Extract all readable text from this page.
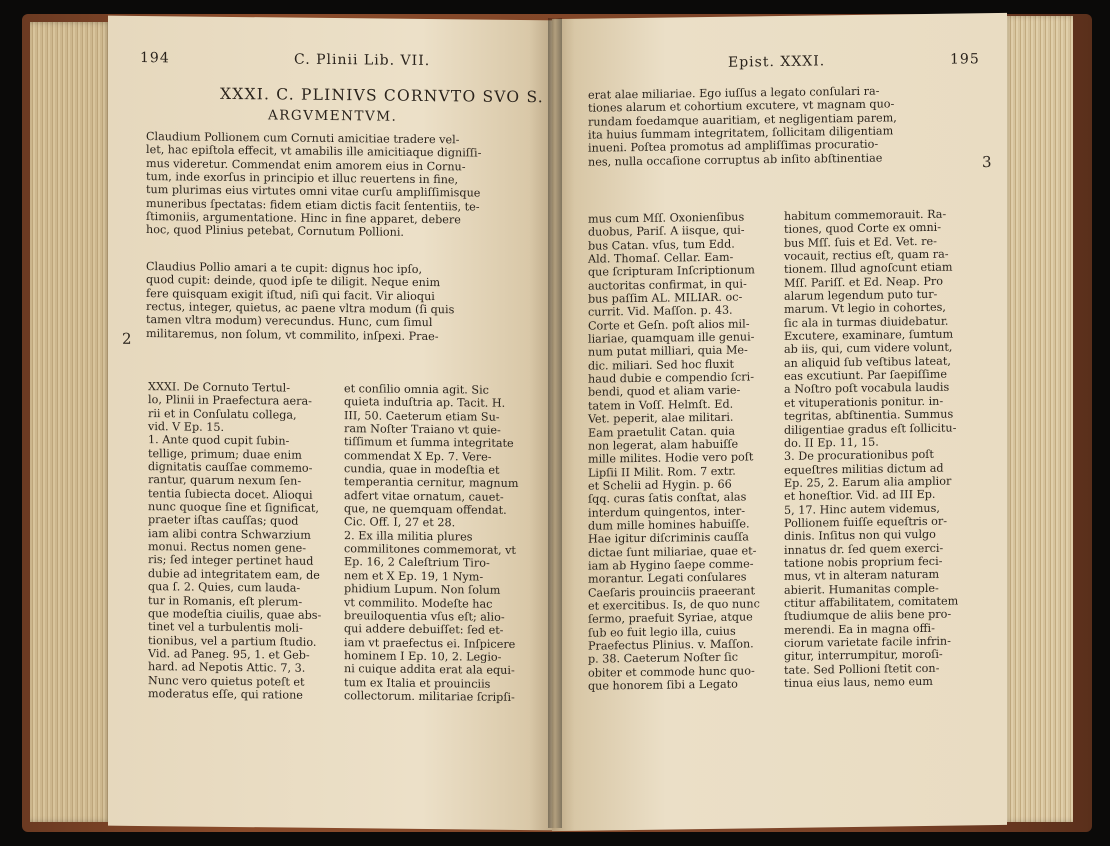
194	C. Plinii Lib. VII.
XXXI. C. PLINIVS CORNVTO SVO S.
ARGVMENTVM.
Claudium Pollionem cum Cornuti amicitiae tradere vel-
let, hac epiſtola effecit, vt amabilis ille amicitiaque digniſſi-
mus videretur. Commendat enim amorem eius in Cornu-
tum, inde exorſus in principio et illuc reuertens in fine,
tum plurimas eius virtutes omni vitae curſu ampliſſimisque
muneribus ſpectatas: fidem etiam dictis facit ſententiis, te-
ſtimoniis, argumentatione. Hinc in fine apparet, debere
hoc, quod Plinius petebat, Cornutum Pollioni.
Claudius Pollio amari a te cupit: dignus hoc ipſo,
quod cupit: deinde, quod ipſe te diligit. Neque enim
fere quisquam exigit iſtud, niſi qui facit. Vir alioqui
rectus, integer, quietus, ac paene vltra modum (ſi quis
tamen vltra modum) verecundus. Hunc, cum ſimul
militaremus, non ſolum, vt commilito, inſpexi. Prae-
2
XXXI. De Cornuto Tertul-
lo, Plinii in Praefectura aera-
rii et in Conſulatu collega,
vid. V Ep. 15.
1. Ante quod cupit ſubin-
tellige, primum; duae enim
dignitatis cauſſae commemo-
rantur, quarum nexum ſen-
tentia ſubiecta docet. Alioqui
nunc quoque ſine et ſignificat,
praeter iſtas cauſſas; quod
iam alibi contra Schwarzium
monui. Rectus nomen gene-
ris; ſed integer pertinet haud
dubie ad integritatem eam, de
qua ſ. 2. Quies, cum lauda-
tur in Romanis, eſt plerum-
que modeſtia ciuilis, quae abs-
tinet vel a turbulentis moli-
tionibus, vel a partium ſtudio.
Vid. ad Paneg. 95, 1. et Geb-
hard. ad Nepotis Attic. 7, 3.
Nunc vero quietus poteſt et
moderatus eſſe, qui ratione
et conſilio omnia agit. Sic
quieta induſtria ap. Tacit. H.
III, 50. Caeterum etiam Su-
ram Noſter Traiano vt quie-
tiſſimum et ſumma integritate
commendat X Ep. 7. Vere-
cundia, quae in modeſtia et
temperantia cernitur, magnum
adfert vitae ornatum, cauet-
que, ne quemquam offendat.
Cic. Off. I, 27 et 28.
2. Ex illa militia plures
commilitones commemorat, vt
Ep. 16, 2 Caleſtrium Tiro-
nem et X Ep. 19, 1 Nym-
phidium Lupum. Non ſolum
vt commilito. Modeſte hac
breuiloquentia vſus eſt; alio-
qui addere debuiſſet: ſed et-
iam vt praefectus ei. Inſpicere
hominem I Ep. 10, 2. Legio-
ni cuique addita erat ala equi-
tum ex Italia et prouinciis
collectorum. militariae ſcripſi-
Epist. XXXI.	195
erat alae miliariae. Ego iuſſus a legato conſulari ra-
tiones alarum et cohortium excutere, vt magnam quo-
rundam foedamque auaritiam, et negligentiam parem,
ita huius ſummam integritatem, ſollicitam diligentiam
inueni. Poſtea promotus ad ampliſſimas procuratio-
nes, nulla occaſione corruptus ab inſito abſtinentiae	3
mus cum Mſſ. Oxonienſibus
duobus, Pariſ. A iisque, qui-
bus Catan. vſus, tum Edd.
Ald. Thomaſ. Cellar. Eam-
que ſcripturam Inſcriptionum
auctoritas confirmat, in qui-
bus paſſim AL. MILIAR. oc-
currit. Vid. Maſſon. p. 43.
Corte et Geſn. poſt alios mil-
liariae, quamquam ille genui-
num putat milliari, quia Me-
dic. miliari. Sed hoc fluxit
haud dubie e compendio ſcri-
bendi, quod et aliam varie-
tatem in Voſſ. Helmſt. Ed.
Vet. peperit, alae militari.
Eam praetulit Catan. quia
non legerat, alam habuiſſe
mille milites. Hodie vero poſt
Lipſii II Milit. Rom. 7 extr.
et Schelii ad Hygin. p. 66
ſqq. curas ſatis conſtat, alas
interdum quingentos, inter-
dum mille homines habuiſſe.
Hae igitur diſcriminis cauſſa
dictae ſunt miliariae, quae et-
iam ab Hygino ſaepe comme-
morantur. Legati conſulares
Caeſaris prouinciis praeerant
et exercitibus. Is, de quo nunc
ſermo, praefuit Syriae, atque
ſub eo fuit legio illa, cuius
Praefectus Plinius. v. Maſſon.
p. 38. Caeterum Noſter ſic
obiter et commode hunc quo-
que honorem ſibi a Legato
habitum commemorauit. Ra-
tiones, quod Corte ex omni-
bus Mſſ. ſuis et Ed. Vet. re-
vocauit, rectius eſt, quam ra-
tionem. Illud agnoſcunt etiam
Mſſ. Pariſſ. et Ed. Neap. Pro
alarum legendum puto tur-
marum. Vt legio in cohortes,
ſic ala in turmas diuidebatur.
Excutere, examinare, ſumtum
ab iis, qui, cum videre volunt,
an aliquid ſub veſtibus lateat,
eas excutiunt. Par ſaepiſſime
a Noſtro poſt vocabula laudis
et vituperationis ponitur. in-
tegritas, abſtinentia. Summus
diligentiae gradus eſt ſollicitu-
do. II Ep. 11, 15.
3. De procurationibus poſt
equeſtres militias dictum ad
Ep. 25, 2. Earum alia amplior
et honeſtior. Vid. ad III Ep.
5, 17. Hinc autem videmus,
Pollionem fuiſſe equeſtris or-
dinis. Inſitus non qui vulgo
innatus dr. ſed quem exerci-
tatione nobis proprium feci-
mus, vt in alteram naturam
abierit. Humanitas comple-
ctitur affabilitatem, comitatem
ſtudiumque de aliis bene pro-
merendi. Ea in magna offi-
ciorum varietate facile infrin-
gitur, interrumpitur, moroſi-
tate. Sed Pollioni ſtetit con-
tinua eius laus, nemo eum
